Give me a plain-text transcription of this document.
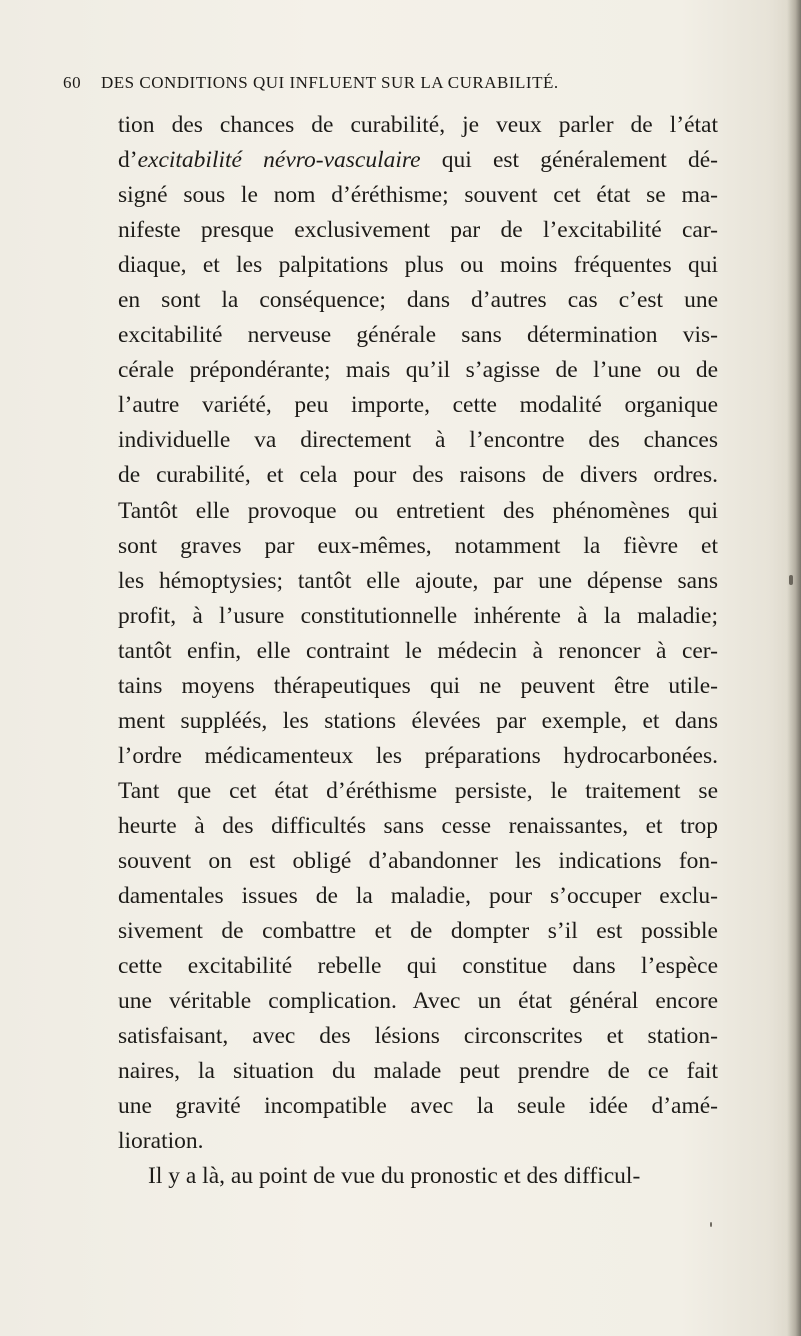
60 DES CONDITIONS QUI INFLUENT SUR LA CURABILITÉ.
tion des chances de curabilité, je veux parler de l’état
d’excitabilité névro-vasculaire qui est généralement dé-
signé sous le nom d’éréthisme; souvent cet état se ma-
nifeste presque exclusivement par de l’excitabilité car-
diaque, et les palpitations plus ou moins fréquentes qui
en sont la conséquence; dans d’autres cas c’est une
excitabilité nerveuse générale sans détermination vis-
cérale prépondérante; mais qu’il s’agisse de l’une ou de
l’autre variété, peu importe, cette modalité organique
individuelle va directement à l’encontre des chances
de curabilité, et cela pour des raisons de divers ordres.
Tantôt elle provoque ou entretient des phénomènes qui
sont graves par eux-mêmes, notamment la fièvre et
les hémoptysies; tantôt elle ajoute, par une dépense sans
profit, à l’usure constitutionnelle inhérente à la maladie;
tantôt enfin, elle contraint le médecin à renoncer à cer-
tains moyens thérapeutiques qui ne peuvent être utile-
ment suppléés, les stations élevées par exemple, et dans
l’ordre médicamenteux les préparations hydrocarbonées.
Tant que cet état d’éréthisme persiste, le traitement se
heurte à des difficultés sans cesse renaissantes, et trop
souvent on est obligé d’abandonner les indications fon-
damentales issues de la maladie, pour s’occuper exclu-
sivement de combattre et de dompter s’il est possible
cette excitabilité rebelle qui constitue dans l’espèce
une véritable complication. Avec un état général encore
satisfaisant, avec des lésions circonscrites et station-
naires, la situation du malade peut prendre de ce fait
une gravité incompatible avec la seule idée d’amé-
lioration.
Il y a là, au point de vue du pronostic et des difficul-
